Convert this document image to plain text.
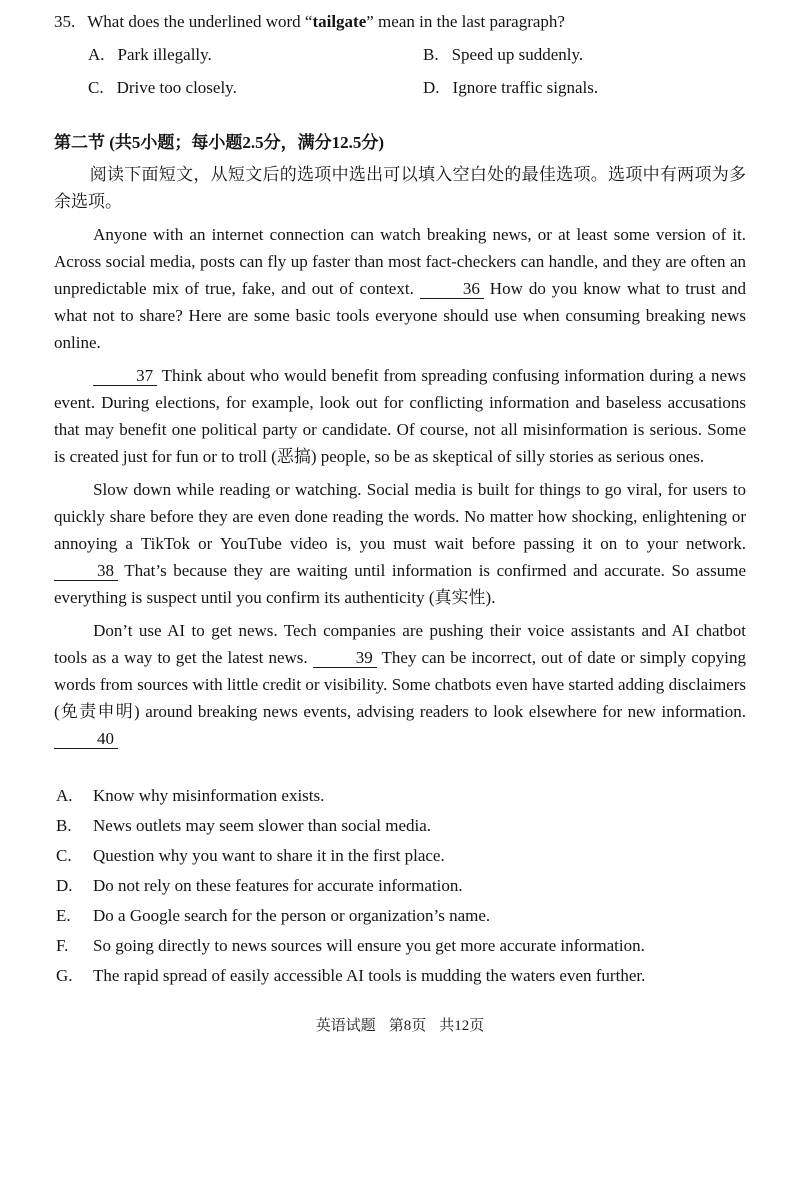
35. What does the underlined word “tailgate” mean in the last paragraph?
A. Park illegally.	B. Speed up suddenly.
C. Drive too closely.	D. Ignore traffic signals.
第二节 (共5小题；每小题2.5分，满分12.5分)

阅读下面短文，从短文后的选项中选出可以填入空白处的最佳选项。选项中有两项为多余选项。

Anyone with an internet connection can watch breaking news, or at least some version of it. Across social media, posts can fly up faster than most fact-checkers can handle, and they are often an unpredictable mix of true, fake, and out of context.	36 How do you know what to trust and what not to share? Here are some basic tools everyone should use when consuming breaking news online.

37 Think about who would benefit from spreading confusing information during a news event. During elections, for example, look out for conflicting information and baseless accusations that may benefit one political party or candidate. Of course, not all misinformation is serious. Some is created just for fun or to troll (恶搞) people, so be as skeptical of silly stories as serious ones.

Slow down while reading or watching. Social media is built for things to go viral, for users to quickly share before they are even done reading the words. No matter how shocking, enlightening or annoying a TikTok or YouTube video is, you must wait before passing it on to your network. 38 That’s because they are waiting until information is confirmed and accurate. So assume everything is suspect until you confirm its authenticity (真实性).

Don’t use AI to get news. Tech companies are pushing their voice assistants and AI chatbot tools as a way to get the latest news.	39 They can be incorrect, out of date or simply copying words from sources with little credit or visibility. Some chatbots even have started adding disclaimers (免责申明) around breaking news events, advising readers to look elsewhere for new information. 40

A.	Know why misinformation exists.
B.	News outlets may seem slower than social media.
C.	Question why you want to share it in the first place.
D.	Do not rely on these features for accurate information.
E.	Do a Google search for the person or organization’s name.
F.	So going directly to news sources will ensure you get more accurate information.
G.	The rapid spread of easily accessible AI tools is mudding the waters even further.
英语试题 第8页 共12页
